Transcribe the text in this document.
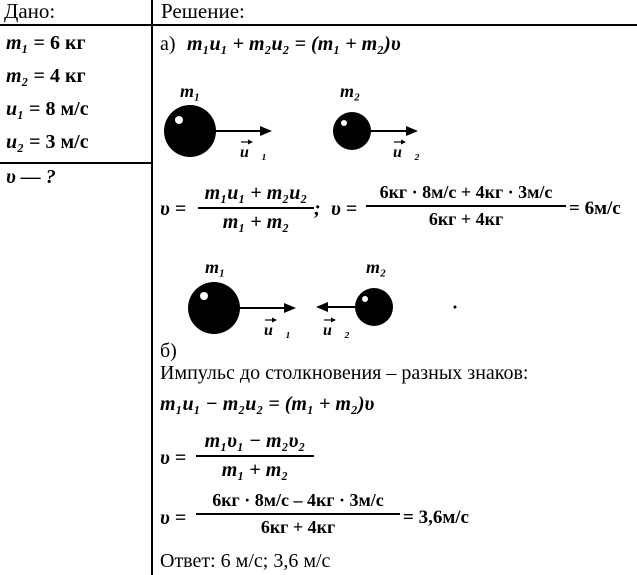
Дано:	Решение:
m₁ = 6 кг
m₂ = 4 кг
u₁ = 8 м/с
u₂ = 3 м/с
υ — ?
а) m₁u₁ + m₂u₂ = (m₁ + m₂)υ
m₁	m₂
u⃗₁	u⃗₂
υ =
m₁u₁ + m₂u₂
m₁ + m₂
; υ =
6кг · 8м/с + 4кг · 3м/с
6кг + 4кг	= 6м/с
m₁	m₂
u⃗₁ u⃗₂
б)
Импульс до столкновения – разных знаков:
m₁u₁ − m₂u₂ = (m₁ + m₂)υ
υ =
m₁υ₁ − m₂υ₂
m₁ + m₂
υ =
6кг · 8м/с – 4кг · 3м/с
6кг + 4кг	= 3,6м/с
Ответ: 6 м/с; 3,6 м/с
